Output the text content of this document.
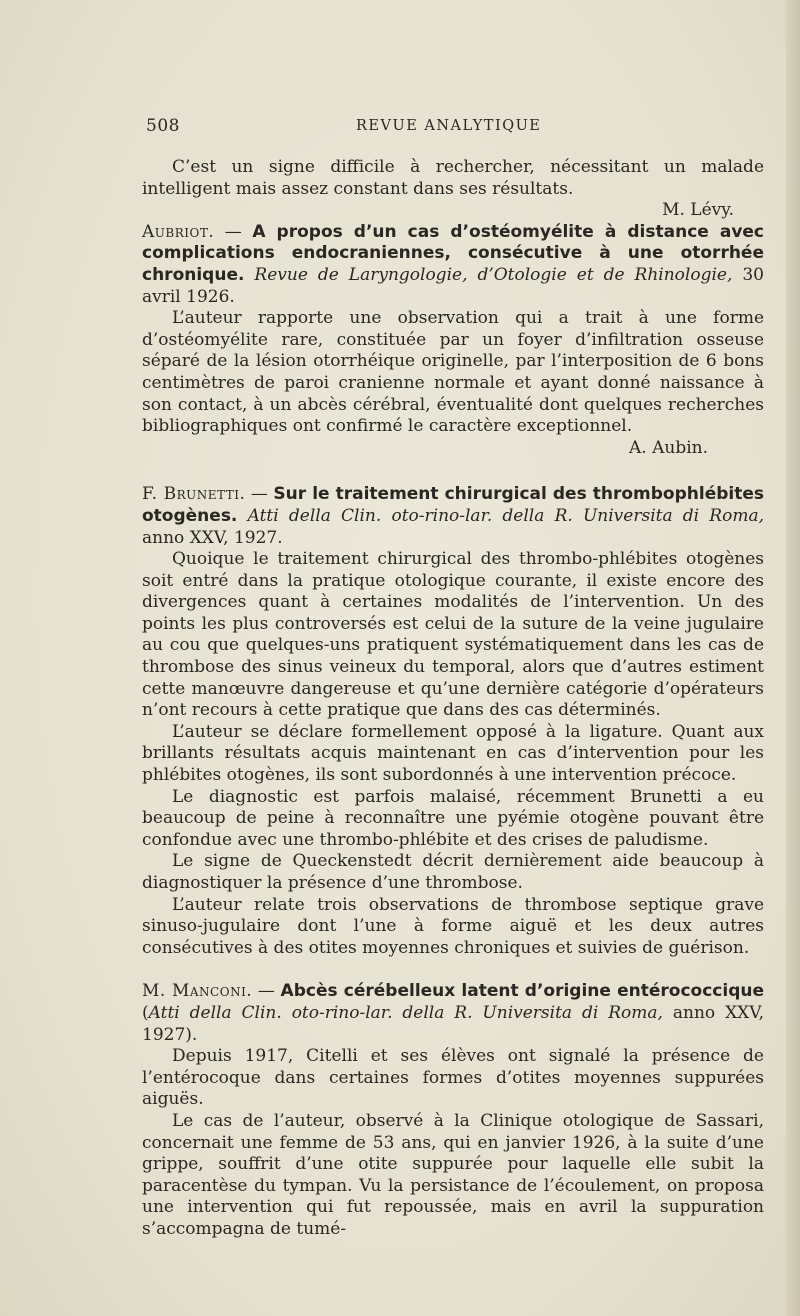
508	REVUE ANALYTIQUE

C’est un signe difficile à rechercher, nécessitant un malade intelligent mais assez constant dans ses résultats.

M. Lévy.

Aubriot. — A propos d’un cas d’ostéomyélite à distance avec complications endocraniennes, consécutive à une otorrhée chronique. Revue de Laryngologie, d’Otologie et de Rhinologie, 30 avril 1926.

L’auteur rapporte une observation qui a trait à une forme d’ostéomyélite rare, constituée par un foyer d’infiltration osseuse séparé de la lésion otorrhéique originelle, par l’interposition de 6 bons centimètres de paroi cranienne normale et ayant donné naissance à son contact, à un abcès cérébral, éventualité dont quelques recherches bibliographiques ont confirmé le caractère exceptionnel.

A. Aubin.

F. Brunetti. — Sur le traitement chirurgical des thrombophlébites otogènes. Atti della Clin. oto-rino-lar. della R. Universita di Roma, anno XXV, 1927.

Quoique le traitement chirurgical des thrombo-phlébites otogènes soit entré dans la pratique otologique courante, il existe encore des divergences quant à certaines modalités de l’intervention. Un des points les plus controversés est celui de la suture de la veine jugulaire au cou que quelques-uns pratiquent systématiquement dans les cas de thrombose des sinus veineux du temporal, alors que d’autres estiment cette manœuvre dangereuse et qu’une dernière catégorie d’opérateurs n’ont recours à cette pratique que dans des cas déterminés.

L’auteur se déclare formellement opposé à la ligature. Quant aux brillants résultats acquis maintenant en cas d’intervention pour les phlébites otogènes, ils sont subordonnés à une intervention précoce.

Le diagnostic est parfois malaisé, récemment Brunetti a eu beaucoup de peine à reconnaître une pyémie otogène pouvant être confondue avec une thrombo-phlébite et des crises de paludisme.

Le signe de Queckenstedt décrit dernièrement aide beaucoup à diagnostiquer la présence d’une thrombose.

L’auteur relate trois observations de thrombose septique grave sinuso-jugulaire dont l’une à forme aiguë et les deux autres consécutives à des otites moyennes chroniques et suivies de guérison.

M. Manconi. — Abcès cérébelleux latent d’origine entérococcique (Atti della Clin. oto-rino-lar. della R. Universita di Roma, anno XXV, 1927).

Depuis 1917, Citelli et ses élèves ont signalé la présence de l’entérocoque dans certaines formes d’otites moyennes suppurées aiguës.

Le cas de l’auteur, observé à la Clinique otologique de Sassari, concernait une femme de 53 ans, qui en janvier 1926, à la suite d’une grippe, souffrit d’une otite suppurée pour laquelle elle subit la paracentèse du tympan. Vu la persistance de l’écoulement, on proposa une intervention qui fut repoussée, mais en avril la suppuration s’accompagna de tumé-
